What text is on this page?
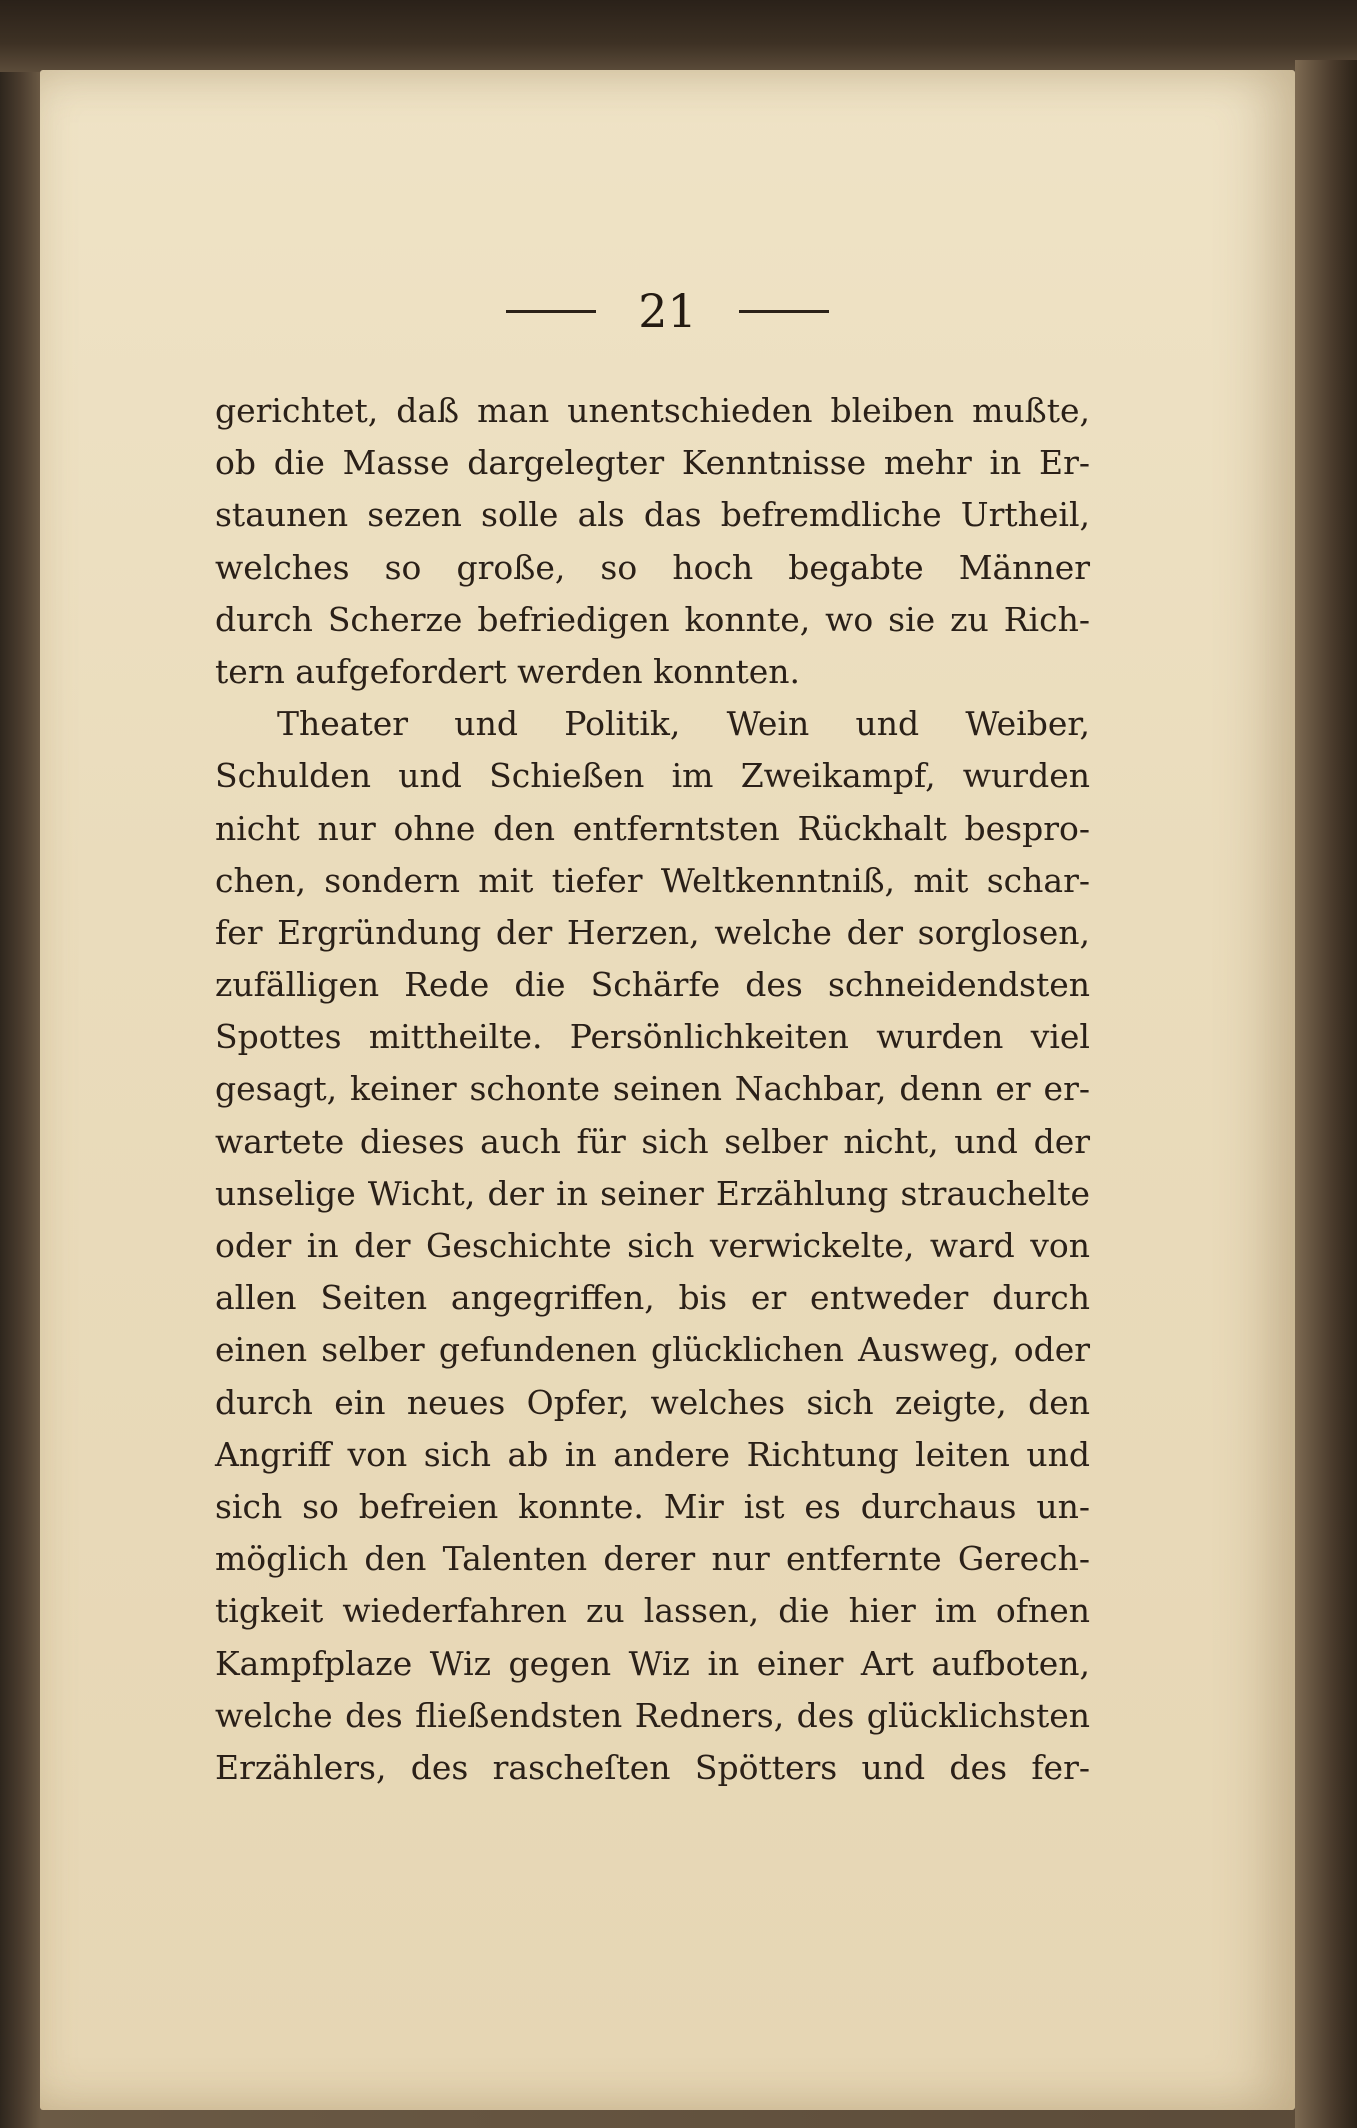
21
gerichtet, daß man unentschieden bleiben mußte,
ob die Masse dargelegter Kenntnisse mehr in Er-
staunen sezen solle als das befremdliche Urtheil,
welches so große, so hoch begabte Männer
durch Scherze befriedigen konnte, wo sie zu Rich-
tern aufgefordert werden konnten.
Theater und Politik, Wein und Weiber,
Schulden und Schießen im Zweikampf, wurden
nicht nur ohne den entferntsten Rückhalt bespro-
chen, sondern mit tiefer Weltkenntniß, mit schar-
fer Ergründung der Herzen, welche der sorglosen,
zufälligen Rede die Schärfe des schneidendsten
Spottes mittheilte. Persönlichkeiten wurden viel
gesagt, keiner schonte seinen Nachbar, denn er er-
wartete dieses auch für sich selber nicht, und der
unselige Wicht, der in seiner Erzählung strauchelte
oder in der Geschichte sich verwickelte, ward von
allen Seiten angegriffen, bis er entweder durch
einen selber gefundenen glücklichen Ausweg, oder
durch ein neues Opfer, welches sich zeigte, den
Angriff von sich ab in andere Richtung leiten und
sich so befreien konnte. Mir ist es durchaus un-
möglich den Talenten derer nur entfernte Gerech-
tigkeit wiederfahren zu lassen, die hier im ofnen
Kampfplaze Wiz gegen Wiz in einer Art aufboten,
welche des fließendsten Redners, des glücklichsten
Erzählers, des rascheſten Spötters und des fer-
